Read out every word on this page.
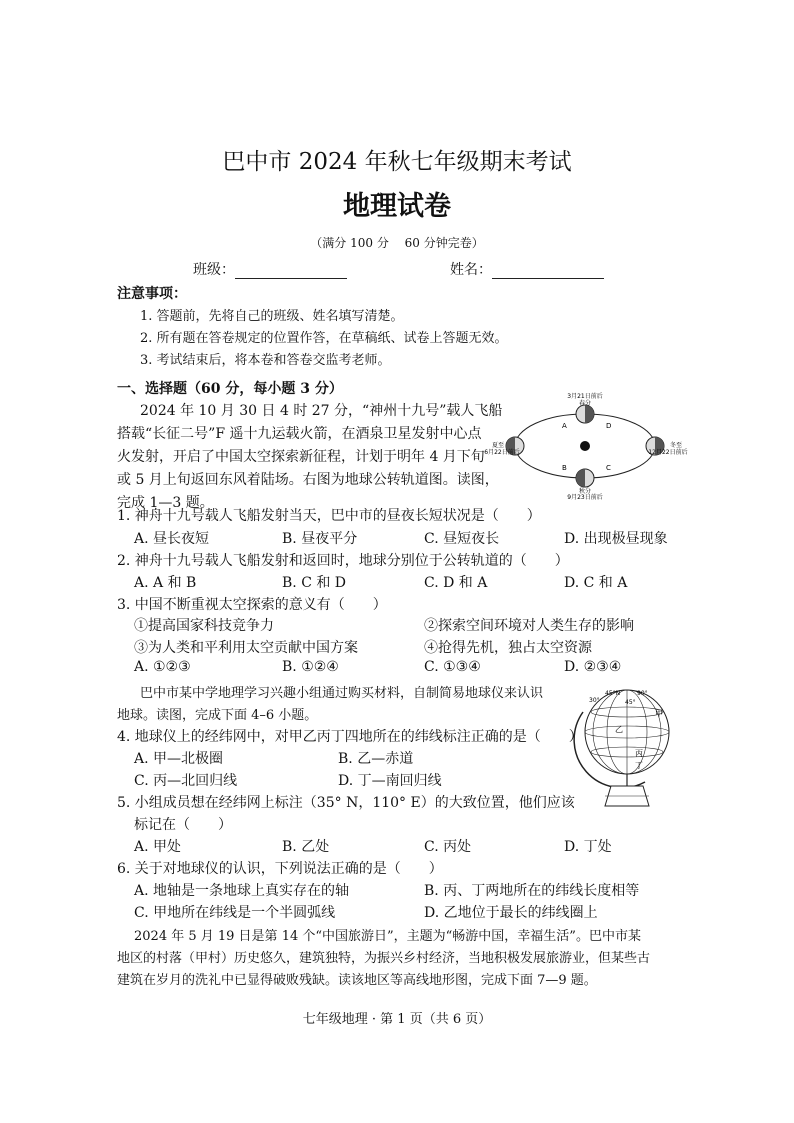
巴中市 2024 年秋七年级期末考试
地理试卷
（满分 100 分　 60 分钟完卷）
班级：	姓名：
注意事项：
1. 答题前，先将自己的班级、姓名填写清楚。
2. 所有题在答卷规定的位置作答，在草稿纸、试卷上答题无效。
3. 考试结束后，将本卷和答卷交监考老师。
一、选择题（60 分，每小题 3 分）
2024 年 10 月 30 日 4 时 27 分，“神州十九号”载人飞船
搭载“长征二号”F 遥十九运载火箭，在酒泉卫星发射中心点
火发射，开启了中国太空探索新征程，计划于明年 4 月下旬
或 5 月上旬返回东风着陆场。右图为地球公转轨道图。读图，
完成 1—3 题。
3月21日前后
春分
夏至
6月22日前后
冬至
12月22日前后
秋分
9月23日前后
A	D
B	C
1. 神舟十九号载人飞船发射当天，巴中市的昼夜长短状况是（　　）
A. 昼长夜短	B. 昼夜平分	C. 昼短夜长	D. 出现极昼现象
2. 神舟十九号载人飞船发射和返回时，地球分别位于公转轨道的（　　）
A. A 和 B	B. C 和 D	C. D 和 A	D. C 和 A
3. 中国不断重视太空探索的意义有（　　）
①提高国家科技竞争力	②探索空间环境对人类生存的影响
③为人类和平利用太空贡献中国方案	④抢得先机，独占太空资源
A. ①②③	B. ①②④	C. ①③④	D. ②③④
巴中市某中学地理学习兴趣小组通过购买材料，自制简易地球仪来认识
地球。读图，完成下面 4–6 小题。
30°
45°N	90°
45°
甲
乙
丙
丁
4. 地球仪上的经纬网中，对甲乙丙丁四地所在的纬线标注正确的是（　　）
A. 甲—北极圈	B. 乙—赤道
C. 丙—北回归线	D. 丁—南回归线
5. 小组成员想在经纬网上标注（35° N，110° E）的大致位置，他们应该
标记在（　　）
A. 甲处	B. 乙处	C. 丙处	D. 丁处
6. 关于对地球仪的认识，下列说法正确的是（　　）
A. 地轴是一条地球上真实存在的轴	B. 丙、丁两地所在的纬线长度相等
C. 甲地所在纬线是一个半圆弧线	D. 乙地位于最长的纬线圈上
2024 年 5 月 19 日是第 14 个“中国旅游日”，主题为“畅游中国，幸福生活”。巴中市某
地区的村落（甲村）历史悠久，建筑独特，为振兴乡村经济，当地积极发展旅游业，但某些古
建筑在岁月的洗礼中已显得破败残缺。读该地区等高线地形图，完成下面 7—9 题。
七年级地理 · 第 1 页（共 6 页）
